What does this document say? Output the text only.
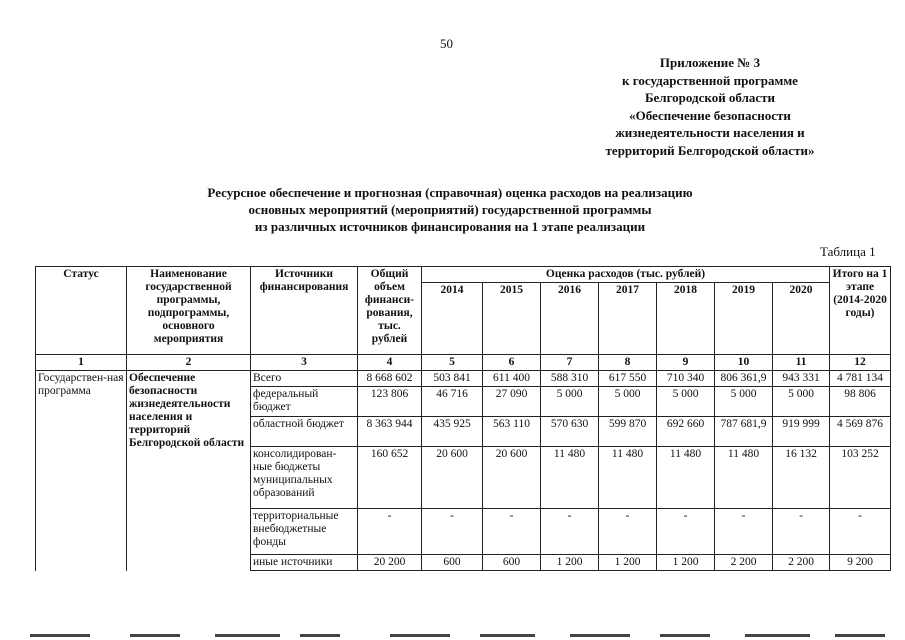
50
Приложение № 3
к государственной программе
Белгородской области
«Обеспечение безопасности
жизнедеятельности населения и
территорий Белгородской области»
Ресурсное обеспечение и прогнозная (справочная) оценка расходов на реализацию
основных мероприятий (мероприятий) государственной программы
из различных источников финансирования на 1 этапе реализации
Таблица 1
Статус	Наименование государственной программы, подпрограммы, основного мероприятия	Источники финансирования	Общий объем финанси-рования, тыс. рублей	Оценка расходов (тыс. рублей)							Итого на 1 этапе (2014-2020 годы)
				2014	2015	2016	2017	2018	2019	2020	
1	2	3	4	5	6	7	8	9	10	11	12
Государствен-ная программа	Обеспечение безопасности жизнедеятельности населения и территорий Белгородской области	Всего	8 668 602	503 841	611 400	588 310	617 550	710 340	806 361,9	943 331	4 781 134
		федеральный бюджет	123 806	46 716	27 090	5 000	5 000	5 000	5 000	5 000	98 806
		областной бюджет	8 363 944	435 925	563 110	570 630	599 870	692 660	787 681,9	919 999	4 569 876
		консолидирован-ные бюджеты муниципальных образований	160 652	20 600	20 600	11 480	11 480	11 480	11 480	16 132	103 252
		территориальные внебюджетные фонды	-	-	-	-	-	-	-	-	-
		иные источники	20 200	600	600	1 200	1 200	1 200	2 200	2 200	9 200
